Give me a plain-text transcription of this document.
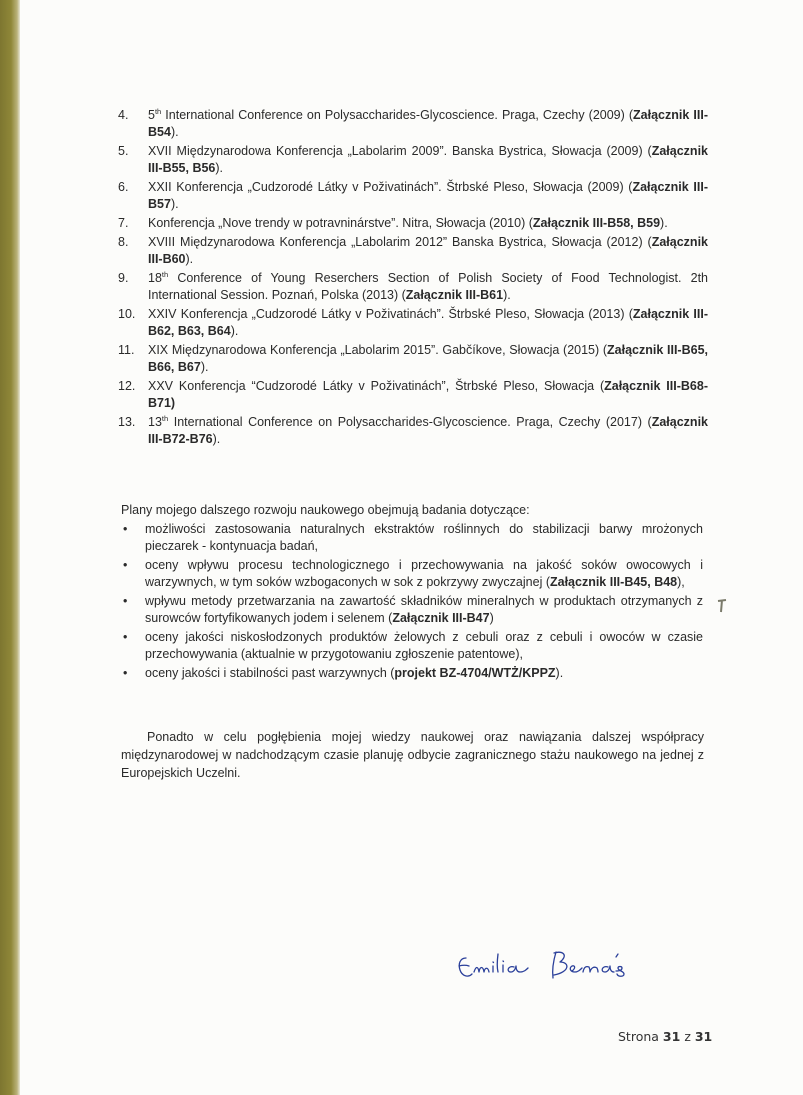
4. 5th International Conference on Polysaccharides-Glycoscience. Praga, Czechy (2009) (Załącznik III-B54).
5. XVII Międzynarodowa Konferencja „Labolarim 2009”. Banska Bystrica, Słowacja (2009) (Załącznik III-B55, B56).
6. XXII Konferencja „Cudzorodé Látky v Poživatinách”. Štrbské Pleso, Słowacja (2009) (Załącznik III-B57).
7. Konferencja „Nove trendy w potravninárstve”. Nitra, Słowacja (2010) (Załącznik III-B58, B59).
8. XVIII Międzynarodowa Konferencja „Labolarim 2012” Banska Bystrica, Słowacja (2012) (Załącznik III-B60).
9. 18th Conference of Young Reserchers Section of Polish Society of Food Technologist. 2th International Session. Poznań, Polska (2013) (Załącznik III-B61).
10. XXIV Konferencja „Cudzorodé Látky v Poživatinách”. Štrbské Pleso, Słowacja (2013) (Załącznik III-B62, B63, B64).
11. XIX Międzynarodowa Konferencja „Labolarim 2015”. Gabčíkove, Słowacja (2015) (Załącznik III-B65, B66, B67).
12. XXV Konferencja “Cudzorodé Látky v Poživatinách”, Štrbské Pleso, Słowacja (Załącznik III-B68-B71)
13. 13th International Conference on Polysaccharides-Glycoscience. Praga, Czechy (2017) (Załącznik III-B72-B76).

Plany mojego dalszego rozwoju naukowego obejmują badania dotyczące:

• możliwości zastosowania naturalnych ekstraktów roślinnych do stabilizacji barwy mrożonych pieczarek - kontynuacja badań,
• oceny wpływu procesu technologicznego i przechowywania na jakość soków owocowych i warzywnych, w tym soków wzbogaconych w sok z pokrzywy zwyczajnej (Załącznik III-B45, B48),
• wpływu metody przetwarzania na zawartość składników mineralnych w produktach otrzymanych z surowców fortyfikowanych jodem i selenem (Załącznik III-B47)
• oceny jakości niskosłodzonych produktów żelowych z cebuli oraz z cebuli i owoców w czasie przechowywania (aktualnie w przygotowaniu zgłoszenie patentowe),
• oceny jakości i stabilności past warzywnych (projekt BZ-4704/WTŻ/KPPZ).

Ponadto w celu pogłębienia mojej wiedzy naukowej oraz nawiązania dalszej współpracy międzynarodowej w nadchodzącym czasie planuję odbycie zagranicznego stażu naukowego na jednej z Europejskich Uczelni.

Strona 31 z 31
